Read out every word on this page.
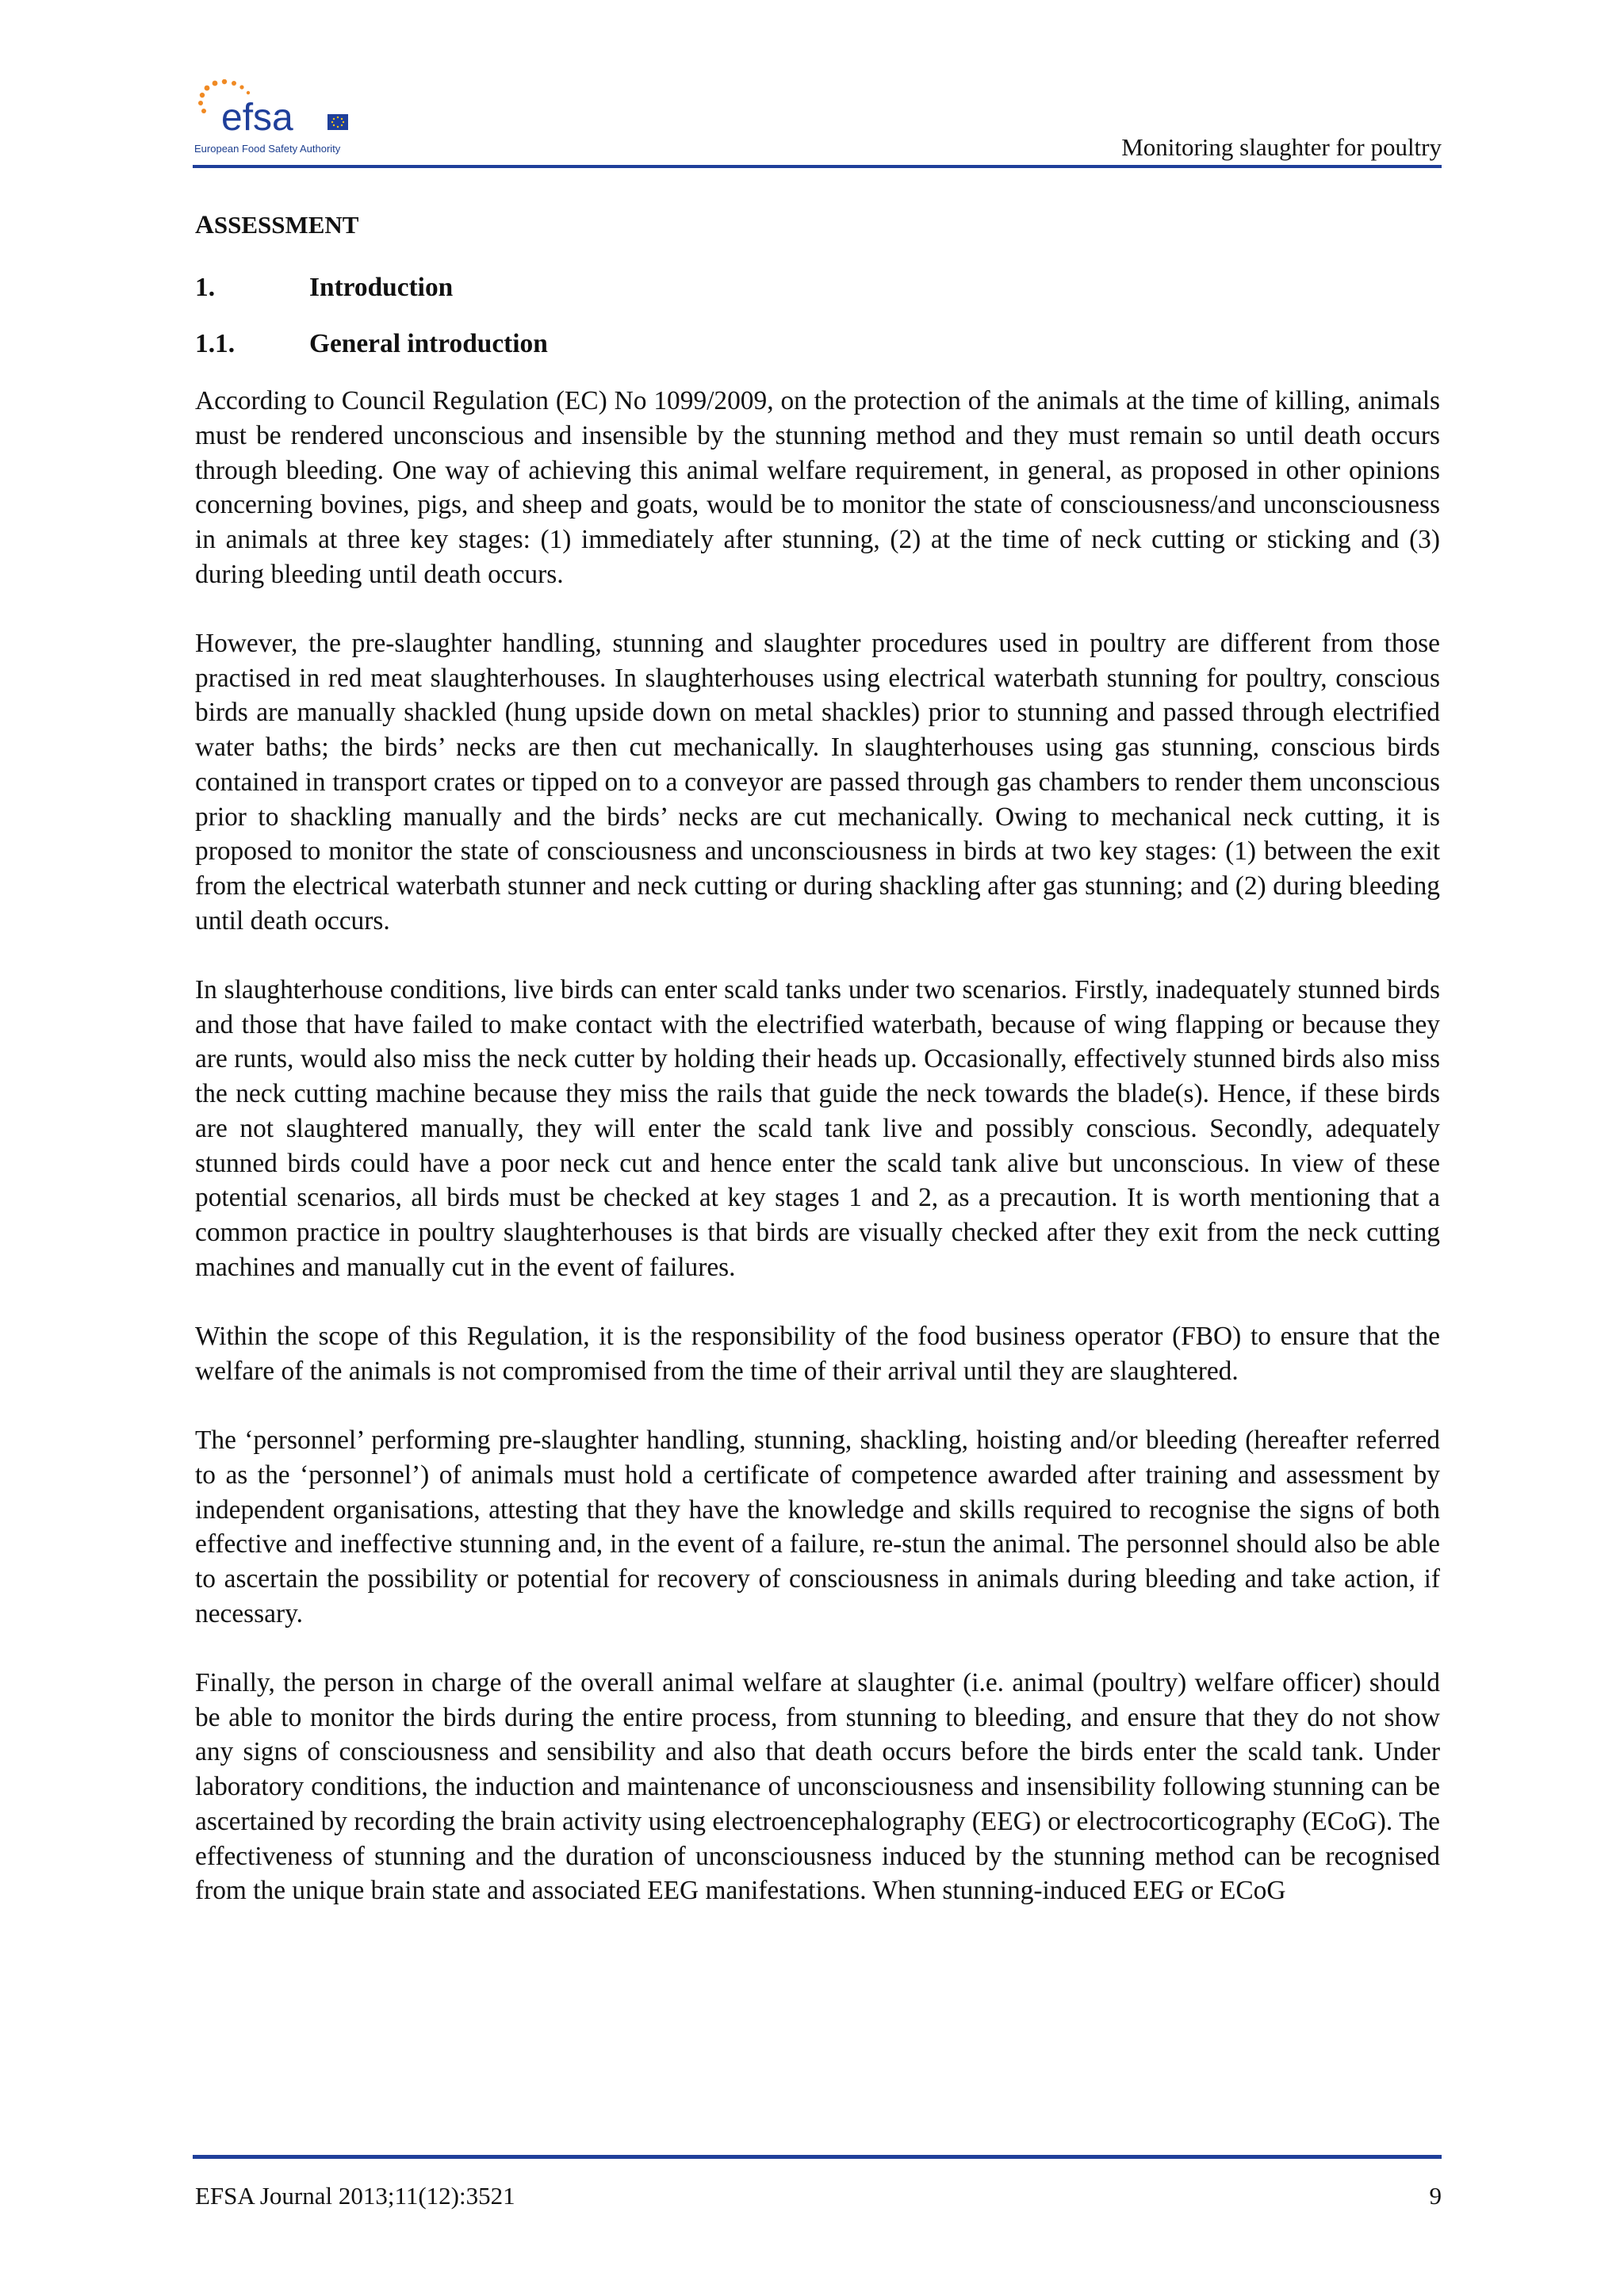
efsa
European Food Safety Authority	Monitoring slaughter for poultry
ASSESSMENT
1.	Introduction
1.1.	General introduction

According to Council Regulation (EC) No 1099/2009, on the protection of the animals at the time of killing, animals must be rendered unconscious and insensible by the stunning method and they must remain so until death occurs through bleeding. One way of achieving this animal welfare requirement, in general, as proposed in other opinions concerning bovines, pigs, and sheep and goats, would be to monitor the state of consciousness/and unconsciousness in animals at three key stages: (1) immediately after stunning, (2) at the time of neck cutting or sticking and (3) during bleeding until death occurs.

However, the pre-slaughter handling, stunning and slaughter procedures used in poultry are different from those practised in red meat slaughterhouses. In slaughterhouses using electrical waterbath stunning for poultry, conscious birds are manually shackled (hung upside down on metal shackles) prior to stunning and passed through electrified water baths; the birds’ necks are then cut mechanically. In slaughterhouses using gas stunning, conscious birds contained in transport crates or tipped on to a conveyor are passed through gas chambers to render them unconscious prior to shackling manually and the birds’ necks are cut mechanically. Owing to mechanical neck cutting, it is proposed to monitor the state of consciousness and unconsciousness in birds at two key stages: (1) between the exit from the electrical waterbath stunner and neck cutting or during shackling after gas stunning; and (2) during bleeding until death occurs.

In slaughterhouse conditions, live birds can enter scald tanks under two scenarios. Firstly, inadequately stunned birds and those that have failed to make contact with the electrified waterbath, because of wing flapping or because they are runts, would also miss the neck cutter by holding their heads up. Occasionally, effectively stunned birds also miss the neck cutting machine because they miss the rails that guide the neck towards the blade(s). Hence, if these birds are not slaughtered manually, they will enter the scald tank live and possibly conscious. Secondly, adequately stunned birds could have a poor neck cut and hence enter the scald tank alive but unconscious. In view of these potential scenarios, all birds must be checked at key stages 1 and 2, as a precaution. It is worth mentioning that a common practice in poultry slaughterhouses is that birds are visually checked after they exit from the neck cutting machines and manually cut in the event of failures.

Within the scope of this Regulation, it is the responsibility of the food business operator (FBO) to ensure that the welfare of the animals is not compromised from the time of their arrival until they are slaughtered.

The ‘personnel’ performing pre-slaughter handling, stunning, shackling, hoisting and/or bleeding (hereafter referred to as the ‘personnel’) of animals must hold a certificate of competence awarded after training and assessment by independent organisations, attesting that they have the knowledge and skills required to recognise the signs of both effective and ineffective stunning and, in the event of a failure, re-stun the animal. The personnel should also be able to ascertain the possibility or potential for recovery of consciousness in animals during bleeding and take action, if necessary.

Finally, the person in charge of the overall animal welfare at slaughter (i.e. animal (poultry) welfare officer) should be able to monitor the birds during the entire process, from stunning to bleeding, and ensure that they do not show any signs of consciousness and sensibility and also that death occurs before the birds enter the scald tank. Under laboratory conditions, the induction and maintenance of unconsciousness and insensibility following stunning can be ascertained by recording the brain activity using electroencephalography (EEG) or electrocorticography (ECoG). The effectiveness of stunning and the duration of unconsciousness induced by the stunning method can be recognised from the unique brain state and associated EEG manifestations. When stunning-induced EEG or ECoG

EFSA Journal 2013;11(12):3521	9
